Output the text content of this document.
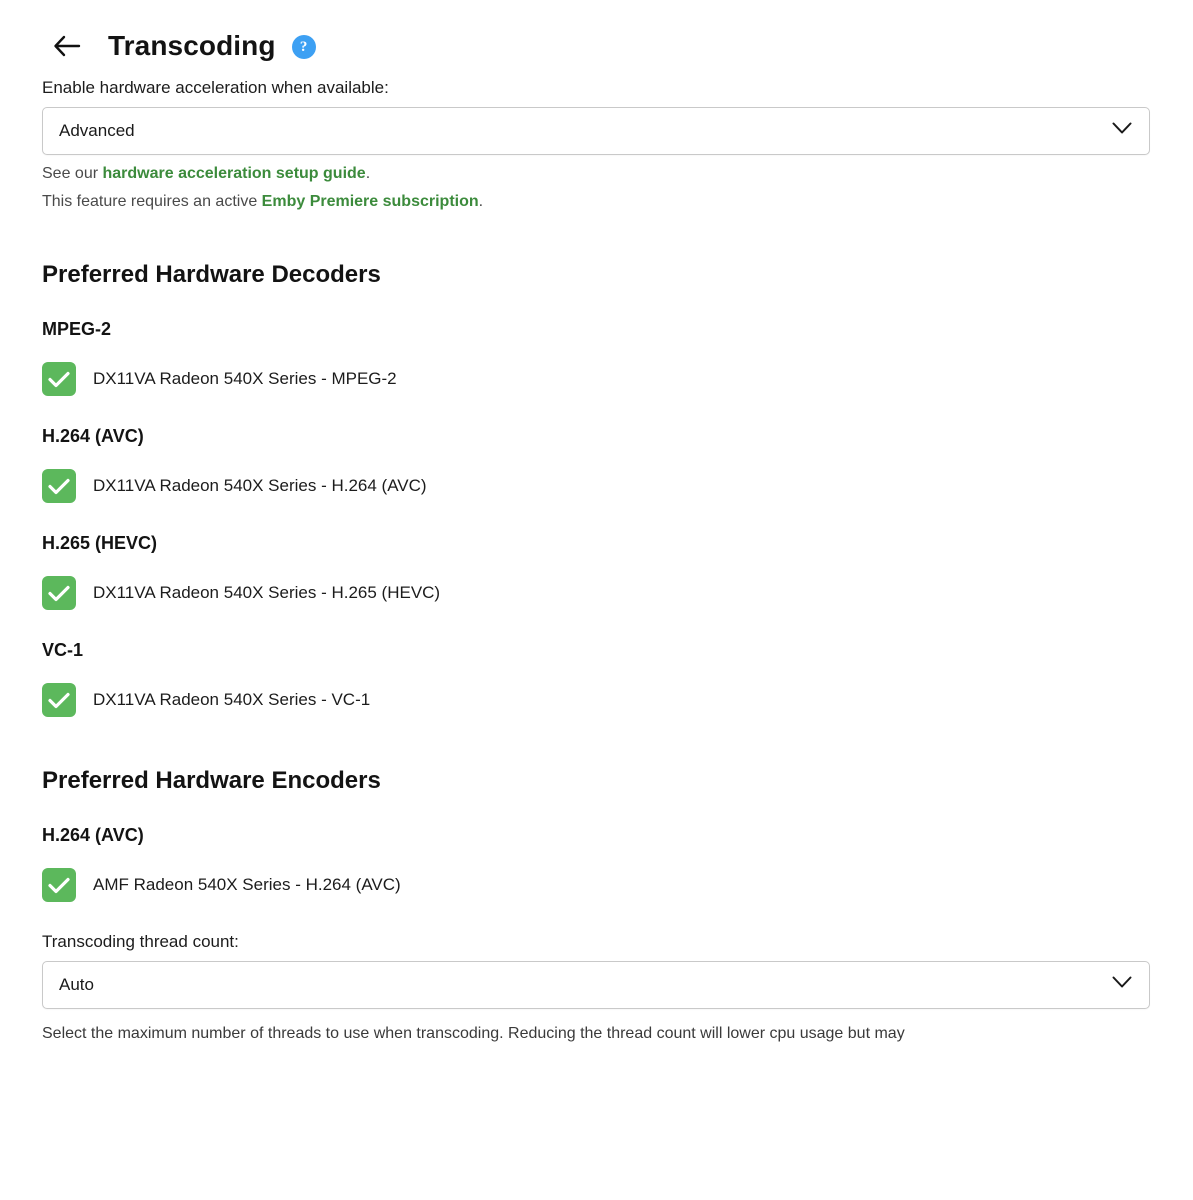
Transcoding	?
Enable hardware acceleration when available:
Advanced
See our hardware acceleration setup guide.
This feature requires an active Emby Premiere subscription.
Preferred Hardware Decoders
MPEG-2
DX11VA Radeon 540X Series - MPEG-2
H.264 (AVC)
DX11VA Radeon 540X Series - H.264 (AVC)
H.265 (HEVC)
DX11VA Radeon 540X Series - H.265 (HEVC)
VC-1
DX11VA Radeon 540X Series - VC-1
Preferred Hardware Encoders
H.264 (AVC)
AMF Radeon 540X Series - H.264 (AVC)
Transcoding thread count:
Auto
Select the maximum number of threads to use when transcoding. Reducing the thread count will lower cpu usage but may
